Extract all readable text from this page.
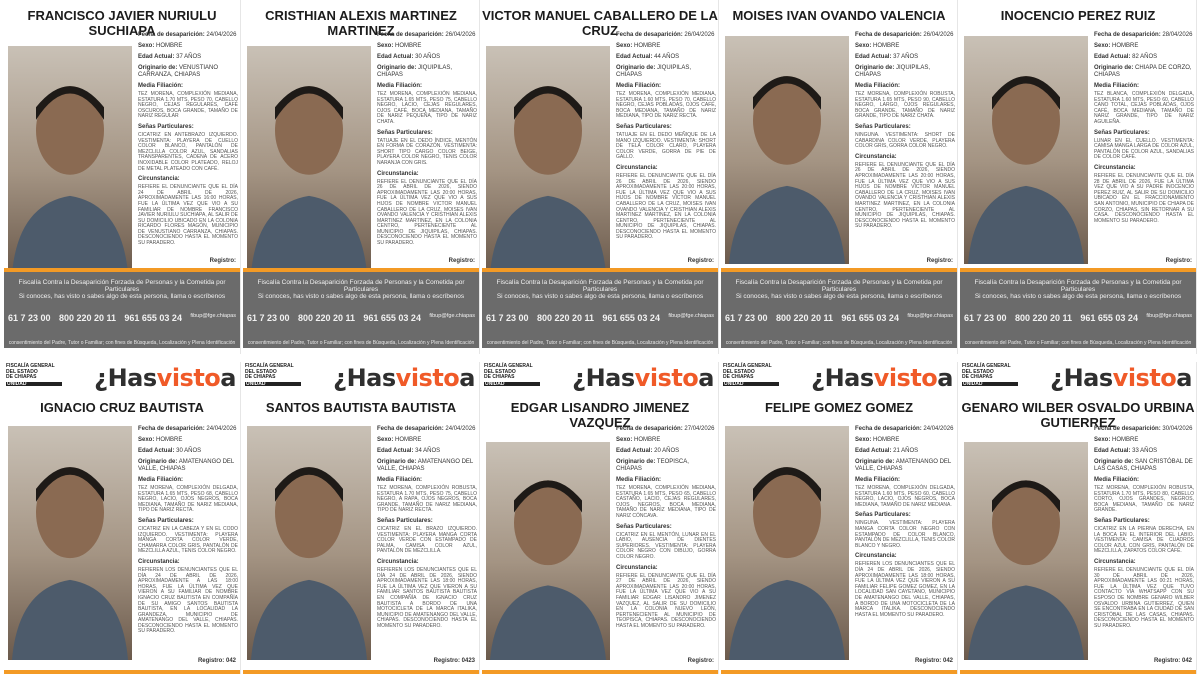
FRANCISCO JAVIER NURIULU SUCHIAPA

Fecha de desaparición: 24/04/2026

Sexo: HOMBRE

Edad Actual: 37 AÑOS

Originario de: VENUSTIANO CARRANZA, CHIAPAS

Media Filiación:
TEZ MORENA, COMPLEXIÓN MEDIANA, ESTATURA 1.70 MTS, PESO 70, CABELLO NEGRO, CEJAS REGULARES, CAFÉ OSCUROS, BOCA GRANDE, TAMAÑO DE NARIZ REGULAR

Señas Particulares:
CICATRIZ EN ANTEBRAZO IZQUIERDO. VESTIMENTA: PLAYERA DE CUELLO COLOR BLANCO, PANTALÓN DE MEZCLILLA COLOR AZUL, SANDALIAS TRANSPARENTES, CADENA DE ACERO INOXIDABLE COLOR PLATEADO, RELOJ DE METAL PLATEADO CON CAFÉ.

Circunstancia:
REFIERE EL DENUNCIANTE QUE EL DÍA 24 DE ABRIL DE 2026, APROXIMADAMENTE LAS 16:00 HORAS, FUE LA ÚLTIMA VEZ QUE VIO A SU FAMILIAR DE NOMBRE FRANCISCO JAVIER NURIULU SUCHIAPA, AL SALIR DE SU DOMICILIO UBICADO EN LA COLONIA RICARDO FLORES MAGÓN, MUNICIPIO DE VENUSTIANO CARRANZA, CHIAPAS. DESCONOCIENDO HASTA EL MOMENTO SU PARADERO.

Registro:
Fiscalía Contra la Desaparición Forzada de Personas y la Cometida por Particulares
Si conoces, has visto o sabes algo de esta persona, llama o escríbenos
61 7 23 00 800 220 20 11 961 655 03 24 fibup@fge.chiapas
consentimiento del Padre, Tutor o Familiar; con fines de Búsqueda, Localización y Plena Identificación
CRISTHIAN ALEXIS MARTINEZ MARTINEZ

Fecha de desaparición: 26/04/2026

Sexo: HOMBRE

Edad Actual: 30 AÑOS

Originario de: JIQUIPILAS, CHIAPAS

Media Filiación:
TEZ MORENA, COMPLEXIÓN MEDIANA, ESTATURA 1.65 MTS, PESO 75, CABELLO NEGRO, LACIO, CEJAS REGULARES, OJOS CAFÉ, BOCA MEDIANA, TAMAÑO DE NARIZ PEQUEÑA, TIPO DE NARIZ CHATA.

Señas Particulares:
TATUAJE EN EL DEDO ÍNDICE, MENTÓN EN FORMA DE CORAZÓN. VESTIMENTA: SHORT TIPO CARGO COLOR BEIGE, PLAYERA COLOR NEGRO, TENIS COLOR NARANJA CON GRIS.

Circunstancia:
REFIERE EL DENUNCIANTE QUE EL DÍA 26 DE ABRIL DE 2026, SIENDO APROXIMADAMENTE LAS 20:00 HORAS, FUE LA ÚLTIMA VEZ QUE VIO A SUS HIJOS DE NOMBRE VICTOR MANUEL CABALLERO DE LA CRUZ, MOISES IVAN OVANDO VALENCIA Y CRISTHIAN ALEXIS MARTINEZ MARTINEZ, EN LA COLONIA CENTRO, PERTENECIENTE AL MUNICIPIO DE JIQUIPILAS, CHIAPAS. DESCONOCIENDO HASTA EL MOMENTO SU PARADERO.

Registro:
Fiscalía Contra la Desaparición Forzada de Personas y la Cometida por Particulares
Si conoces, has visto o sabes algo de esta persona, llama o escríbenos
61 7 23 00 800 220 20 11 961 655 03 24 fibup@fge.chiapas
consentimiento del Padre, Tutor o Familiar; con fines de Búsqueda, Localización y Plena Identificación
VICTOR MANUEL CABALLERO DE LA CRUZ

Fecha de desaparición: 26/04/2026

Sexo: HOMBRE

Edad Actual: 44 AÑOS

Originario de: JIQUIPILAS, CHIAPAS

Media Filiación:
TEZ MORENA, COMPLEXIÓN MEDIANA, ESTATURA 1.60 MTS, PESO 70, CABELLO NEGRO, CEJAS POBLADAS, OJOS CAFÉ, BOCA MEDIANA, TAMAÑO DE NARIZ MEDIANA, TIPO DE NARIZ RECTA.

Señas Particulares:
TATUAJE EN EL DEDO MEÑIQUE DE LA MANO IZQUIERDO. VESTIMENTA: SHORT DE TELA COLOR CLARO, PLAYERA COLOR VERDE, GORRA DE PIE DE GALLO.

Circunstancia:
REFIERE EL DENUNCIANTE QUE EL DÍA 26 DE ABRIL DE 2026, SIENDO APROXIMADAMENTE LAS 20:00 HORAS, FUE LA ÚLTIMA VEZ QUE VIO A SUS HIJOS DE NOMBRE VICTOR MANUEL CABALLERO DE LA CRUZ, MOISES IVAN OVANDO VALENCIA Y CRISTHIAN ALEXIS MARTINEZ MARTINEZ, EN LA COLONIA CENTRO, PERTENECIENTE AL MUNICIPIO DE JIQUIPILAS, CHIAPAS. DESCONOCIENDO HASTA EL MOMENTO SU PARADERO.

Registro:
Fiscalía Contra la Desaparición Forzada de Personas y la Cometida por Particulares
Si conoces, has visto o sabes algo de esta persona, llama o escríbenos
61 7 23 00 800 220 20 11 961 655 03 24 fibup@fge.chiapas
consentimiento del Padre, Tutor o Familiar; con fines de Búsqueda, Localización y Plena Identificación
MOISES IVAN OVANDO VALENCIA

Fecha de desaparición: 26/04/2026

Sexo: HOMBRE

Edad Actual: 37 AÑOS

Originario de: JIQUIPILAS, CHIAPAS

Media Filiación:
TEZ MORENA, COMPLEXIÓN ROBUSTA, ESTATURA 1.65 MTS, PESO 90, CABELLO NEGRO, LARGO, OJOS REGULARES, BOCA GRANDE, TAMAÑO DE NARIZ GRANDE, TIPO DE NARIZ CHATA.

Señas Particulares:
NINGUNA. VESTIMENTA: SHORT DE CABARDINA COLOR VERDE, PLAYERA COLOR GRIS, GORRA COLOR NEGRO.

Circunstancia:
REFIERE EL DENUNCIANTE QUE EL DÍA 26 DE ABRIL DE 2026, SIENDO APROXIMADAMENTE LAS 20:00 HORAS, FUE LA ÚLTIMA VEZ QUE VIO A SUS HIJOS DE NOMBRE VICTOR MANUEL CABALLERO DE LA CRUZ, MOISES IVAN OVANDO VALENCIA Y CRISTHIAN ALEXIS MARTINEZ MARTINEZ, EN LA COLONIA CENTRO, PERTENECIENTE AL MUNICIPIO DE JIQUIPILAS, CHIAPAS. DESCONOCIENDO HASTA EL MOMENTO SU PARADERO.

Registro:
Fiscalía Contra la Desaparición Forzada de Personas y la Cometida por Particulares
Si conoces, has visto o sabes algo de esta persona, llama o escríbenos
61 7 23 00 800 220 20 11 961 655 03 24 fibup@fge.chiapas
consentimiento del Padre, Tutor o Familiar; con fines de Búsqueda, Localización y Plena Identificación
INOCENCIO PEREZ RUIZ

Fecha de desaparición: 28/04/2026

Sexo: HOMBRE

Edad Actual: 82 AÑOS

Originario de: CHIAPA DE CORZO, CHIAPAS

Media Filiación:
TEZ BLANCA, COMPLEXIÓN DELGADA, ESTATURA 1.60 MTS, PESO 60, CABELLO CANO TOTAL, CEJAS POBLADAS, OJOS CAFÉ, BOCA MEDIANA, TAMAÑO DE NARIZ GRANDE, TIPO DE NARIZ AGUILEÑA.

Señas Particulares:
LUNAR EN EL CUELLO. VESTIMENTA: CAMISA MANGA LARGA DE COLOR AZUL, PANTALÓN DE COLOR AZUL, SANDALIAS DE COLOR CAFÉ.

Circunstancia:
REFIERE EL DENUNCIANTE QUE EL DÍA 28 DE ABRIL DE 2026, FUE LA ÚLTIMA VEZ QUE VIO A SU PADRE INOCENCIO PEREZ RUIZ, AL SALIR DE SU DOMICILIO UBICADO EN EL FRACCIONAMIENTO SAN ANTONIO, MUNICIPIO DE CHIAPA DE CORZO, CHIAPAS, SIN RETORNAR A SU CASA. DESCONOCIENDO HASTA EL MOMENTO SU PARADERO.

Registro:
Fiscalía Contra la Desaparición Forzada de Personas y la Cometida por Particulares
Si conoces, has visto o sabes algo de esta persona, llama o escríbenos
61 7 23 00 800 220 20 11 961 655 03 24 fibup@fge.chiapas
consentimiento del Padre, Tutor o Familiar; con fines de Búsqueda, Localización y Plena Identificación
FISCALÍA GENERAL
DEL ESTADO
DE CHIAPAS
UNIDAD	¿Hasvistoa
IGNACIO CRUZ BAUTISTA

Fecha de desaparición: 24/04/2026

Sexo: HOMBRE

Edad Actual: 30 AÑOS

Originario de: AMATENANGO DEL VALLE, CHIAPAS

Media Filiación:
TEZ MORENA, COMPLEXIÓN DELGADA, ESTATURA 1.65 MTS, PESO 68, CABELLO NEGRO, LACIO, OJOS NEGROS, BOCA MEDIANA, TAMAÑO DE NARIZ MEDIANA, TIPO DE NARIZ RECTA.

Señas Particulares:
CICATRIZ EN LA CABEZA Y EN EL CODO IZQUIERDO. VESTIMENTA: PLAYERA MANGA CORTA COLOR VERDE, CHAMARRA COLOR GRIS, PANTALÓN DE MEZCLILLA AZUL, TENIS COLOR NEGRO.

Circunstancia:
REFIEREN LOS DENUNCIANTES QUE EL DÍA 24 DE ABRIL DE 2026, APROXIMADAMENTE A LAS 18:00 HORAS, FUE LA ÚLTIMA VEZ QUE VIERON A SU FAMILIAR DE NOMBRE IGNACIO CRUZ BAUTISTA EN COMPAÑÍA DE SU AMIGO SANTOS BAUTISTA BAUTISTA, EN LA LOCALIDAD LA GRANDEZA, MUNICIPIO DE AMATENANGO DEL VALLE, CHIAPAS. DESCONOCIENDO HASTA EL MOMENTO SU PARADERO.

Registro: 042
FISCALÍA GENERAL
DEL ESTADO
DE CHIAPAS
UNIDAD	¿Hasvistoa
SANTOS BAUTISTA BAUTISTA

Fecha de desaparición: 24/04/2026

Sexo: HOMBRE

Edad Actual: 34 AÑOS

Originario de: AMATENANGO DEL VALLE, CHIAPAS

Media Filiación:
TEZ MORENA, COMPLEXIÓN ROBUSTA, ESTATURA 1.70 MTS, PESO 75, CABELLO NEGRO, A RAPA, OJOS NEGROS, BOCA GRANDE, TAMAÑO DE NARIZ MEDIANA, TIPO DE NARIZ RECTA.

Señas Particulares:
CICATRIZ EN EL BRAZO IZQUIERDO. VESTIMENTA: PLAYERA MANGA CORTA COLOR VERDE CON ESTAMPADO DE PALMA, CAMISA COLOR AZUL, PANTALÓN DE MEZCLILLA.

Circunstancia:
REFIEREN LOS DENUNCIANTES QUE EL DÍA 24 DE ABRIL DE 2026, SIENDO APROXIMADAMENTE LAS 18:00 HORAS, FUE LA ÚLTIMA VEZ QUE VIERON A SU FAMILIAR SANTOS BAUTISTA BAUTISTA EN COMPAÑÍA DE IGNACIO CRUZ BAUTISTA A BORDO DE UNA MOTOCICLETA DE LA MARCA ITALIKA, MUNICIPIO DE AMATENANGO DEL VALLE, CHIAPAS. DESCONOCIENDO HASTA EL MOMENTO SU PARADERO.

Registro: 0423
FISCALÍA GENERAL
DEL ESTADO
DE CHIAPAS
UNIDAD	¿Hasvistoa
EDGAR LISANDRO JIMENEZ VAZQUEZ

Fecha de desaparición: 27/04/2026

Sexo: HOMBRE

Edad Actual: 20 AÑOS

Originario de: TEOPISCA, CHIAPAS

Media Filiación:
TEZ MORENA, COMPLEXIÓN MEDIANA, ESTATURA 1.65 MTS, PESO 65, CABELLO CASTAÑO, LACIO, CEJAS REGULARES, OJOS NEGROS, BOCA MEDIANA, TAMAÑO DE NARIZ MEDIANA, TIPO DE NARIZ CÓNCAVA.

Señas Particulares:
CICATRIZ EN EL MENTÓN, LUNAR EN EL LABIO, AUSENCIA DE DIENTES SUPERIORES. VESTIMENTA: PLAYERA COLOR NEGRO CON DIBUJO, GORRA COLOR NEGRO.

Circunstancia:
REFIERE EL DENUNCIANTE QUE EL DÍA 27 DE ABRIL DE 2026, SIENDO APROXIMADAMENTE LAS 20:00 HORAS, FUE LA ÚLTIMA VEZ QUE VIO A SU FAMILIAR EDGAR LISANDRO JIMENEZ VAZQUEZ, AL SALIR DE SU DOMICILIO EN LA COLONIA NUEVO LEÓN, PERTENECIENTE AL MUNICIPIO DE TEOPISCA, CHIAPAS. DESCONOCIENDO HASTA EL MOMENTO SU PARADERO.

Registro:
FISCALÍA GENERAL
DEL ESTADO
DE CHIAPAS
UNIDAD	¿Hasvistoa
FELIPE GOMEZ GOMEZ

Fecha de desaparición: 24/04/2026

Sexo: HOMBRE

Edad Actual: 21 AÑOS

Originario de: AMATENANGO DEL VALLE, CHIAPAS

Media Filiación:
TEZ MORENA, COMPLEXIÓN DELGADA, ESTATURA 1.60 MTS, PESO 60, CABELLO NEGRO, LACIO, OJOS NEGROS, BOCA MEDIANA, TAMAÑO DE NARIZ MEDIANA.

Señas Particulares:
NINGUNA. VESTIMENTA: PLAYERA MANGA CORTA COLOR NEGRO CON ESTAMPADO DE COLOR BLANCO, PANTALÓN DE MEZCLILLA, TENIS COLOR BLANCO Y NEGRO.

Circunstancia:
REFIEREN LOS DENUNCIANTES QUE EL DÍA 24 DE ABRIL DE 2026, SIENDO APROXIMADAMENTE LAS 18:00 HORAS, FUE LA ÚLTIMA VEZ QUE VIERON A SU FAMILIAR FELIPE GOMEZ GOMEZ, EN LA LOCALIDAD SAN CAYETANO, MUNICIPIO DE AMATENANGO DEL VALLE, CHIAPAS, A BORDO DE UNA MOTOCICLETA DE LA MARCA ITALIKA. DESCONOCIENDO HASTA EL MOMENTO SU PARADERO.

Registro: 042
FISCALÍA GENERAL
DEL ESTADO
DE CHIAPAS
UNIDAD	¿Hasvistoa
GENARO WILBER OSVALDO URBINA GUTIERREZ

Fecha de desaparición: 30/04/2026

Sexo: HOMBRE

Edad Actual: 33 AÑOS

Originario de: SAN CRISTÓBAL DE LAS CASAS, CHIAPAS

Media Filiación:
TEZ MORENA, COMPLEXIÓN ROBUSTA, ESTATURA 1.70 MTS, PESO 80, CABELLO CORTO, OJOS GRANDES, NEGROS, BOCA MEDIANA, TAMAÑO DE NARIZ GRANDE.

Señas Particulares:
CICATRIZ EN LA PIERNA DERECHA, EN LA BOCA EN EL INTERIOR DEL LABIO. VESTIMENTA: CAMISA DE CUADROS COLOR AZUL CON GRIS, PANTALÓN DE MEZCLILLA, ZAPATOS COLOR CAFÉ.

Circunstancia:
REFIERE EL DENUNCIANTE QUE EL DÍA 30 DE ABRIL DE 2026, APROXIMADAMENTE LAS 00:21 HORAS, FUE LA ÚLTIMA VEZ QUE TUVO CONTACTO VÍA WHATSAPP CON SU ESPOSO DE NOMBRE GENARO WILBER OSVALDO URBINA GUTIERREZ, QUIEN SE ENCONTRABA EN LA CIUDAD DE SAN CRISTÓBAL DE LAS CASAS, CHIAPAS. DESCONOCIENDO HASTA EL MOMENTO SU PARADERO.

Registro: 042
